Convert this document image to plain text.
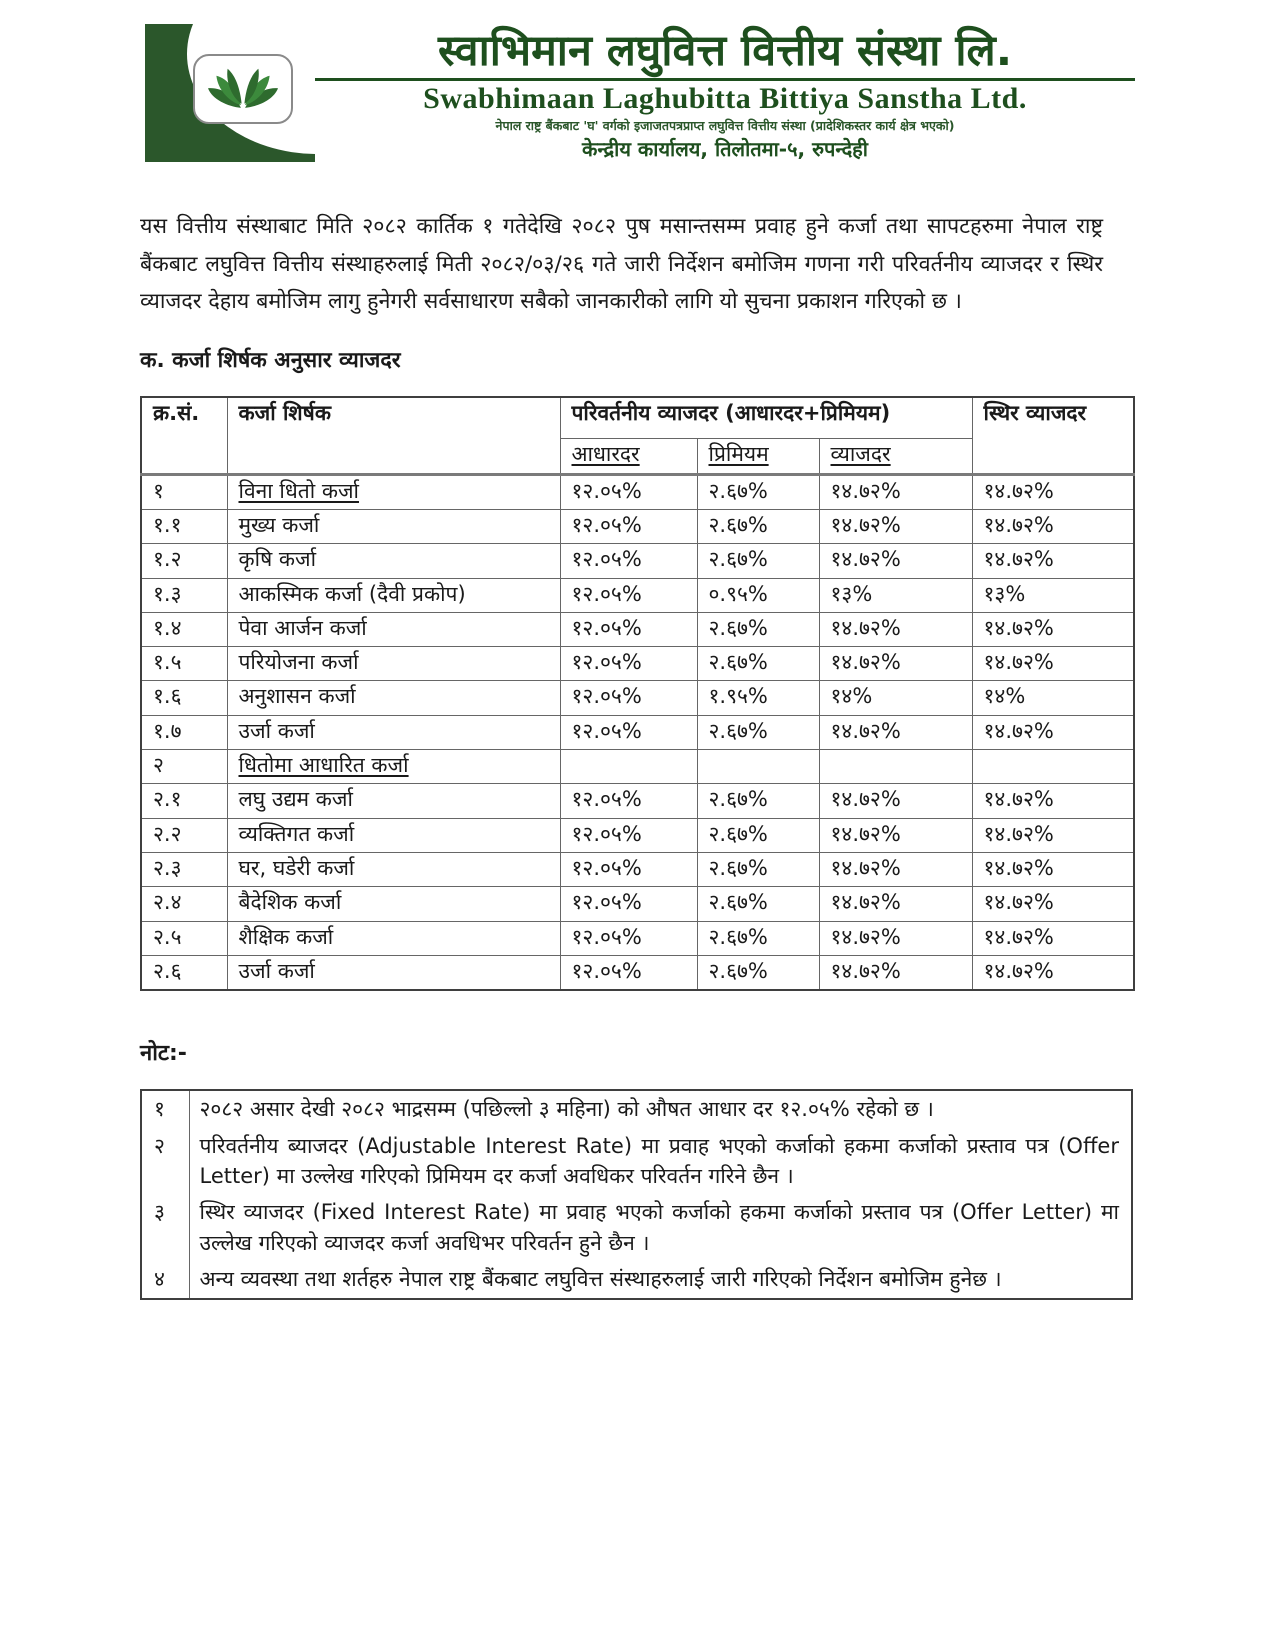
स्वाभिमान लघुवित्त वित्तीय संस्था लि.
Swabhimaan Laghubitta Bittiya Sanstha Ltd.
नेपाल राष्ट्र बैंकबाट 'घ' वर्गको इजाजतपत्रप्राप्त लघुवित्त वित्तीय संस्था (प्रादेशिकस्तर कार्य क्षेत्र भएको)
केन्द्रीय कार्यालय, तिलोतमा-५, रुपन्देही

यस वित्तीय संस्थाबाट मिति २०८२ कार्तिक १ गतेदेखि २०८२ पुष मसान्तसम्म प्रवाह हुने कर्जा तथा सापटहरुमा नेपाल राष्ट्र बैंकबाट लघुवित्त वित्तीय संस्थाहरुलाई मिती २०८२/०३/२६ गते जारी निर्देशन बमोजिम गणना गरी परिवर्तनीय व्याजदर र स्थिर व्याजदर देहाय बमोजिम लागु हुनेगरी सर्वसाधारण सबैको जानकारीको लागि यो सुचना प्रकाशन गरिएको छ ।

क. कर्जा शिर्षक अनुसार व्याजदर
क्र.सं.	कर्जा शिर्षक	परिवर्तनीय व्याजदर (आधारदर+प्रिमियम)			स्थिर व्याजदर
		आधारदर	प्रिमियम	व्याजदर	
१	विना धितो कर्जा	१२.०५%	२.६७%	१४.७२%	१४.७२%
१.१	मुख्य कर्जा	१२.०५%	२.६७%	१४.७२%	१४.७२%
१.२	कृषि कर्जा	१२.०५%	२.६७%	१४.७२%	१४.७२%
१.३	आकस्मिक कर्जा (दैवी प्रकोप)	१२.०५%	०.९५%	१३%	१३%
१.४	पेवा आर्जन कर्जा	१२.०५%	२.६७%	१४.७२%	१४.७२%
१.५	परियोजना कर्जा	१२.०५%	२.६७%	१४.७२%	१४.७२%
१.६	अनुशासन कर्जा	१२.०५%	१.९५%	१४%	१४%
१.७	उर्जा कर्जा	१२.०५%	२.६७%	१४.७२%	१४.७२%
२	धितोमा आधारित कर्जा				
२.१	लघु उद्यम कर्जा	१२.०५%	२.६७%	१४.७२%	१४.७२%
२.२	व्यक्तिगत कर्जा	१२.०५%	२.६७%	१४.७२%	१४.७२%
२.३	घर, घडेरी कर्जा	१२.०५%	२.६७%	१४.७२%	१४.७२%
२.४	बैदेशिक कर्जा	१२.०५%	२.६७%	१४.७२%	१४.७२%
२.५	शैक्षिक कर्जा	१२.०५%	२.६७%	१४.७२%	१४.७२%
२.६	उर्जा कर्जा	१२.०५%	२.६७%	१४.७२%	१४.७२%
नोट:-
१	२०८२ असार देखी २०८२ भाद्रसम्म (पछिल्लो ३ महिना) को औषत आधार दर १२.०५% रहेको छ ।
२	परिवर्तनीय ब्याजदर (Adjustable Interest Rate) मा प्रवाह भएको कर्जाको हकमा कर्जाको प्रस्ताव पत्र (Offer Letter) मा उल्लेख गरिएको प्रिमियम दर कर्जा अवधिकर परिवर्तन गरिने छैन ।
३	स्थिर व्याजदर (Fixed Interest Rate) मा प्रवाह भएको कर्जाको हकमा कर्जाको प्रस्ताव पत्र (Offer Letter) मा उल्लेख गरिएको व्याजदर कर्जा अवधिभर परिवर्तन हुने छैन ।
४	अन्य व्यवस्था तथा शर्तहरु नेपाल राष्ट्र बैंकबाट लघुवित्त संस्थाहरुलाई जारी गरिएको निर्देशन बमोजिम हुनेछ ।
